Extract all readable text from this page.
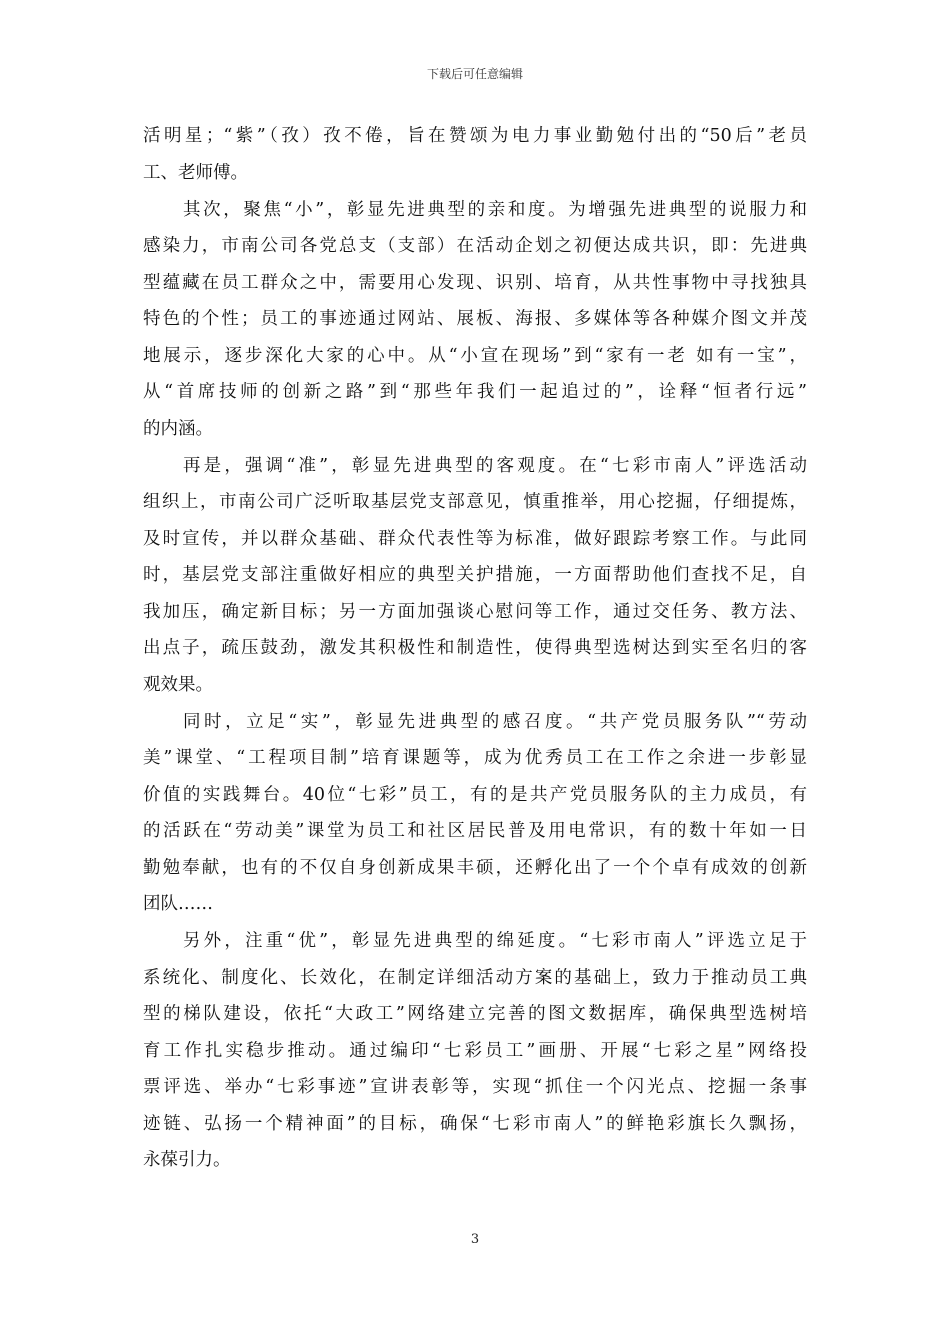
下载后可任意编辑
活明星；“紫”（孜）孜不倦，旨在赞颂为电力事业勤勉付出的“50后”老员
工、老师傅。
其次，聚焦“小”，彰显先进典型的亲和度。为增强先进典型的说服力和
感染力，市南公司各党总支（支部）在活动企划之初便达成共识，即：先进典
型蕴藏在员工群众之中，需要用心发现、识别、培育，从共性事物中寻找独具
特色的个性；员工的事迹通过网站、展板、海报、多媒体等各种媒介图文并茂
地展示，逐步深化大家的心中。从“小宣在现场”到“家有一老 如有一宝”，
从“首席技师的创新之路”到“那些年我们一起追过的”，诠释“恒者行远”
的内涵。
再是，强调“准”，彰显先进典型的客观度。在“七彩市南人”评选活动
组织上，市南公司广泛听取基层党支部意见，慎重推举，用心挖掘，仔细提炼，
及时宣传，并以群众基础、群众代表性等为标准，做好跟踪考察工作。与此同
时，基层党支部注重做好相应的典型关护措施，一方面帮助他们查找不足，自
我加压，确定新目标；另一方面加强谈心慰问等工作，通过交任务、教方法、
出点子，疏压鼓劲，激发其积极性和制造性，使得典型选树达到实至名归的客
观效果。
同时，立足“实”，彰显先进典型的感召度。“共产党员服务队”“劳动
美”课堂、“工程项目制”培育课题等，成为优秀员工在工作之余进一步彰显
价值的实践舞台。40位“七彩”员工，有的是共产党员服务队的主力成员，有
的活跃在“劳动美”课堂为员工和社区居民普及用电常识，有的数十年如一日
勤勉奉献，也有的不仅自身创新成果丰硕，还孵化出了一个个卓有成效的创新
团队……
另外，注重“优”，彰显先进典型的绵延度。“七彩市南人”评选立足于
系统化、制度化、长效化，在制定详细活动方案的基础上，致力于推动员工典
型的梯队建设，依托“大政工”网络建立完善的图文数据库，确保典型选树培
育工作扎实稳步推动。通过编印“七彩员工”画册、开展“七彩之星”网络投
票评选、举办“七彩事迹”宣讲表彰等，实现“抓住一个闪光点、挖掘一条事
迹链、弘扬一个精神面”的目标，确保“七彩市南人”的鲜艳彩旗长久飘扬，
永葆引力。
3
